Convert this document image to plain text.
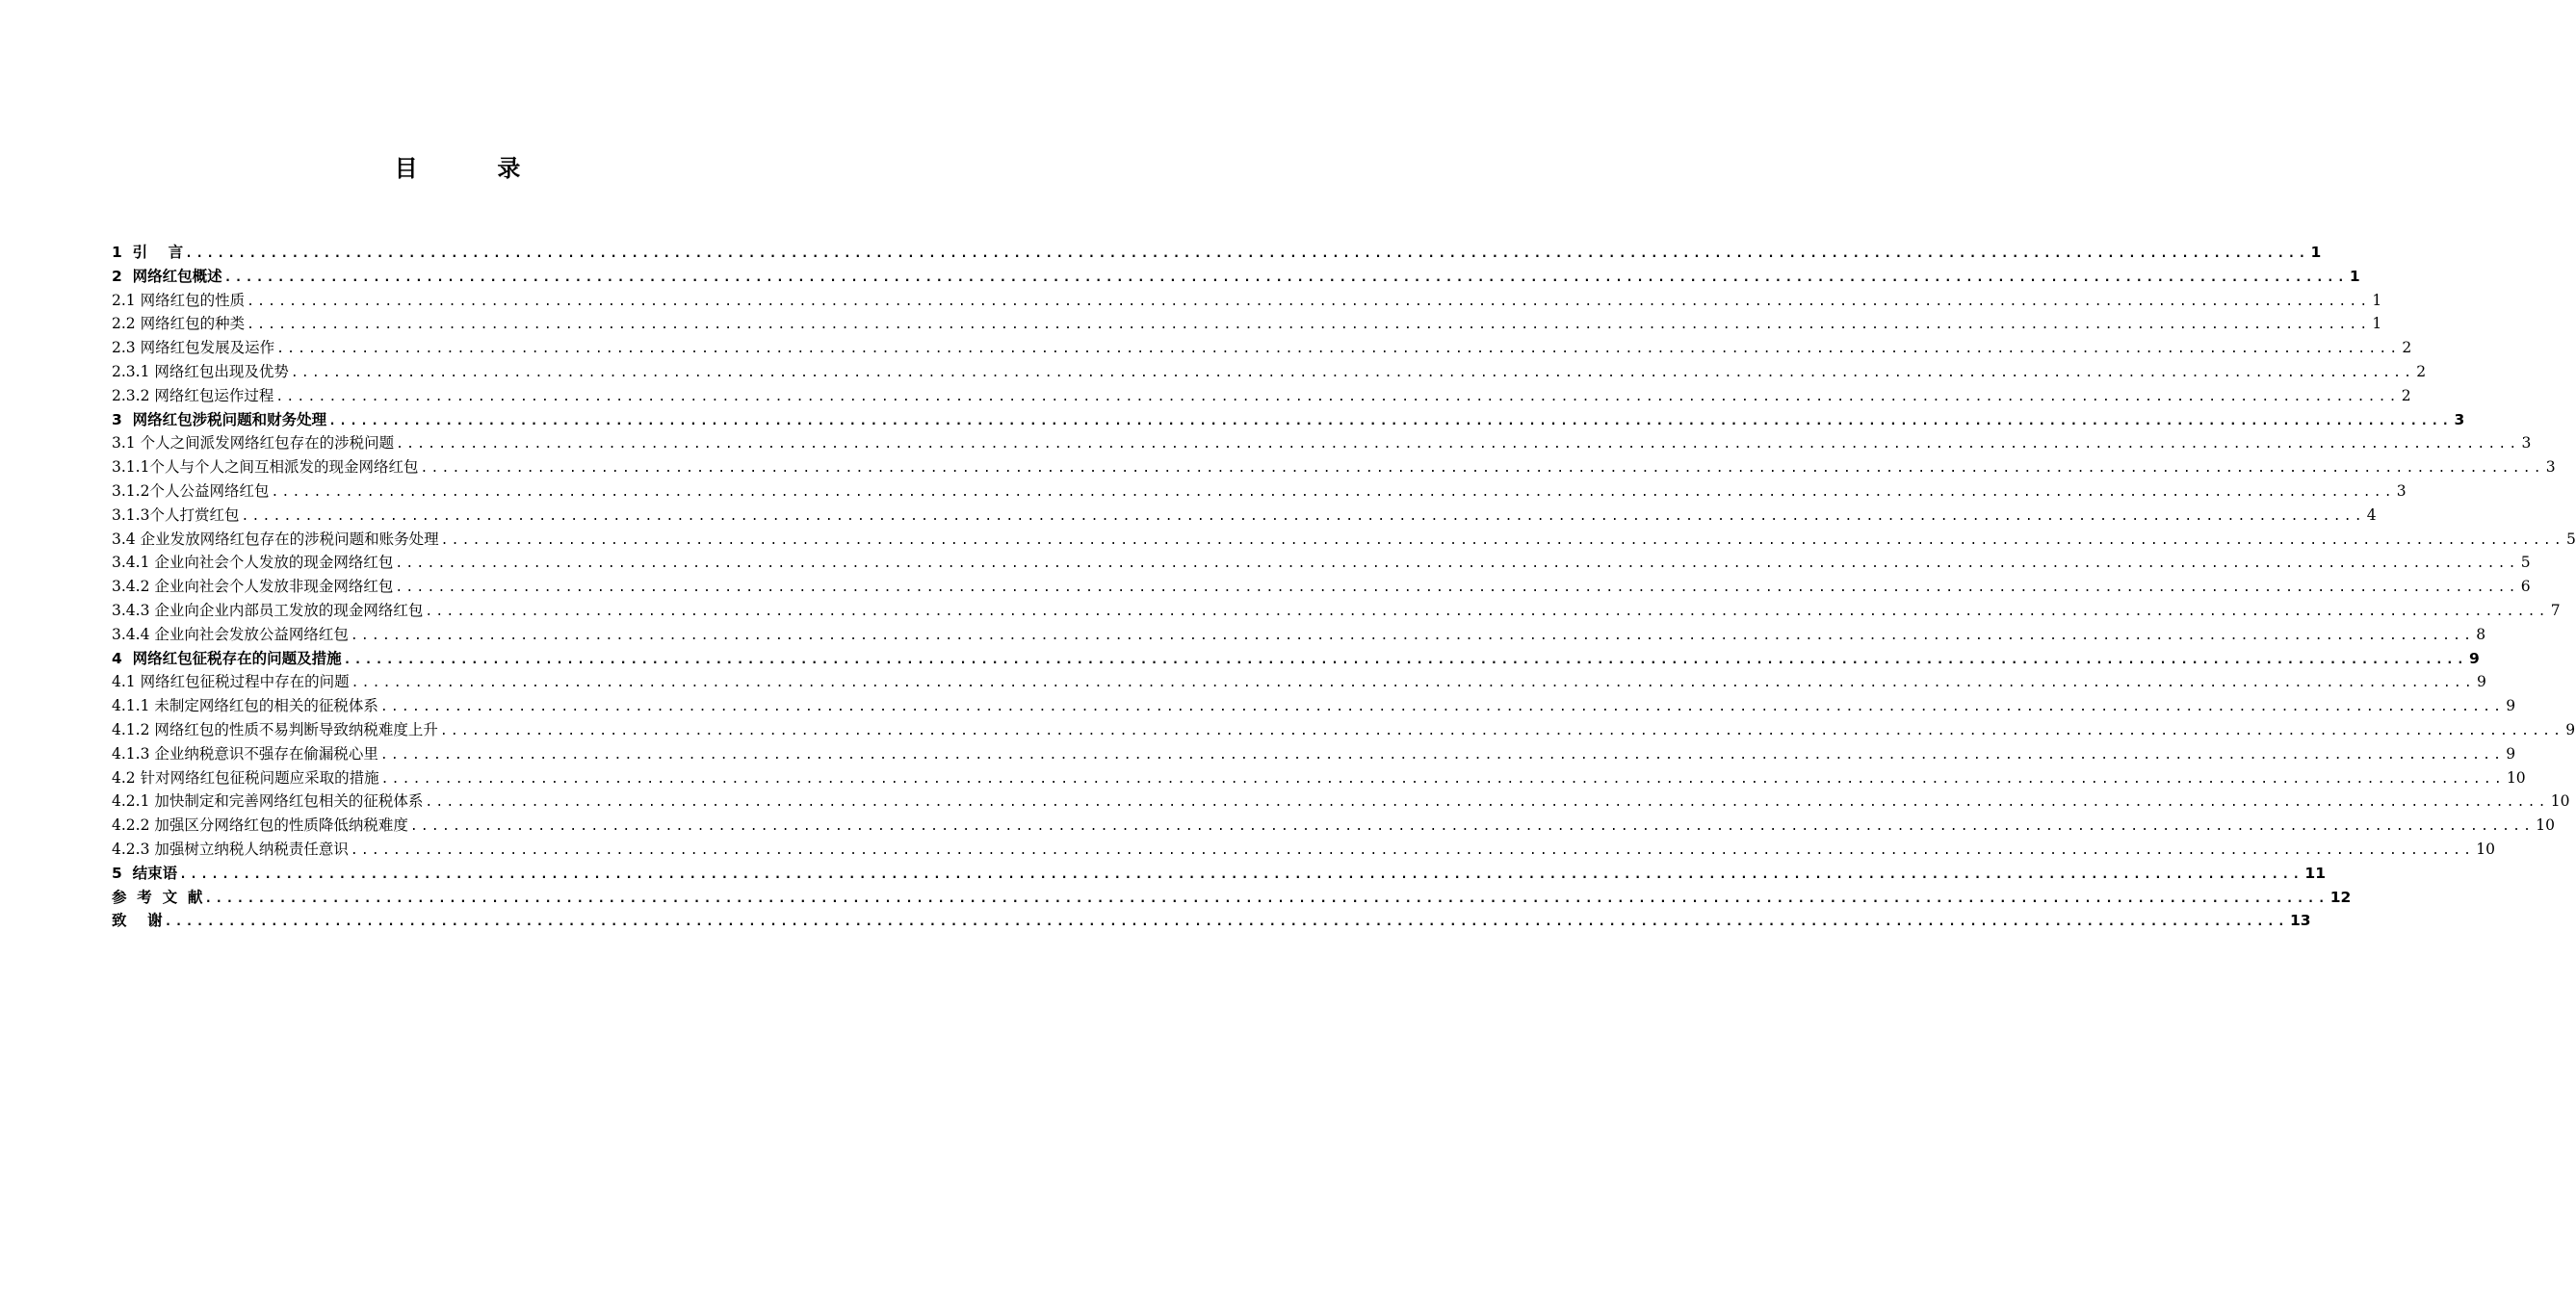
目  录
1  引    言 ........................................................................................................................................................................................................ 1
2  网络红包概述 ........................................................................................................................................................................................................ 1
2.1 网络红包的性质 ........................................................................................................................................................................................................ 1
2.2 网络红包的种类 ........................................................................................................................................................................................................ 1
2.3 网络红包发展及运作 ........................................................................................................................................................................................................ 2
2.3.1 网络红包出现及优势 ........................................................................................................................................................................................................ 2
2.3.2 网络红包运作过程 ........................................................................................................................................................................................................ 2
3  网络红包涉税问题和财务处理 ........................................................................................................................................................................................................ 3
3.1 个人之间派发网络红包存在的涉税问题 ........................................................................................................................................................................................................ 3
3.1.1个人与个人之间互相派发的现金网络红包 ........................................................................................................................................................................................................ 3
3.1.2个人公益网络红包 ........................................................................................................................................................................................................ 3
3.1.3个人打赏红包 ........................................................................................................................................................................................................ 4
3.4 企业发放网络红包存在的涉税问题和账务处理 ........................................................................................................................................................................................................ 5
3.4.1 企业向社会个人发放的现金网络红包 ........................................................................................................................................................................................................ 5
3.4.2 企业向社会个人发放非现金网络红包 ........................................................................................................................................................................................................ 6
3.4.3 企业向企业内部员工发放的现金网络红包 ........................................................................................................................................................................................................ 7
3.4.4 企业向社会发放公益网络红包 ........................................................................................................................................................................................................ 8
4  网络红包征税存在的问题及措施 ........................................................................................................................................................................................................ 9
4.1 网络红包征税过程中存在的问题 ........................................................................................................................................................................................................ 9
4.1.1 未制定网络红包的相关的征税体系 ........................................................................................................................................................................................................ 9
4.1.2 网络红包的性质不易判断导致纳税难度上升 ........................................................................................................................................................................................................ 9
4.1.3 企业纳税意识不强存在偷漏税心里 ........................................................................................................................................................................................................ 9
4.2 针对网络红包征税问题应采取的措施 ........................................................................................................................................................................................................ 10
4.2.1 加快制定和完善网络红包相关的征税体系 ........................................................................................................................................................................................................ 10
4.2.2 加强区分网络红包的性质降低纳税难度 ........................................................................................................................................................................................................ 10
4.2.3 加强树立纳税人纳税责任意识 ........................................................................................................................................................................................................ 10
5  结束语 ........................................................................................................................................................................................................ 11
参  考  文  献 ........................................................................................................................................................................................................ 12
致    谢 ........................................................................................................................................................................................................ 13
